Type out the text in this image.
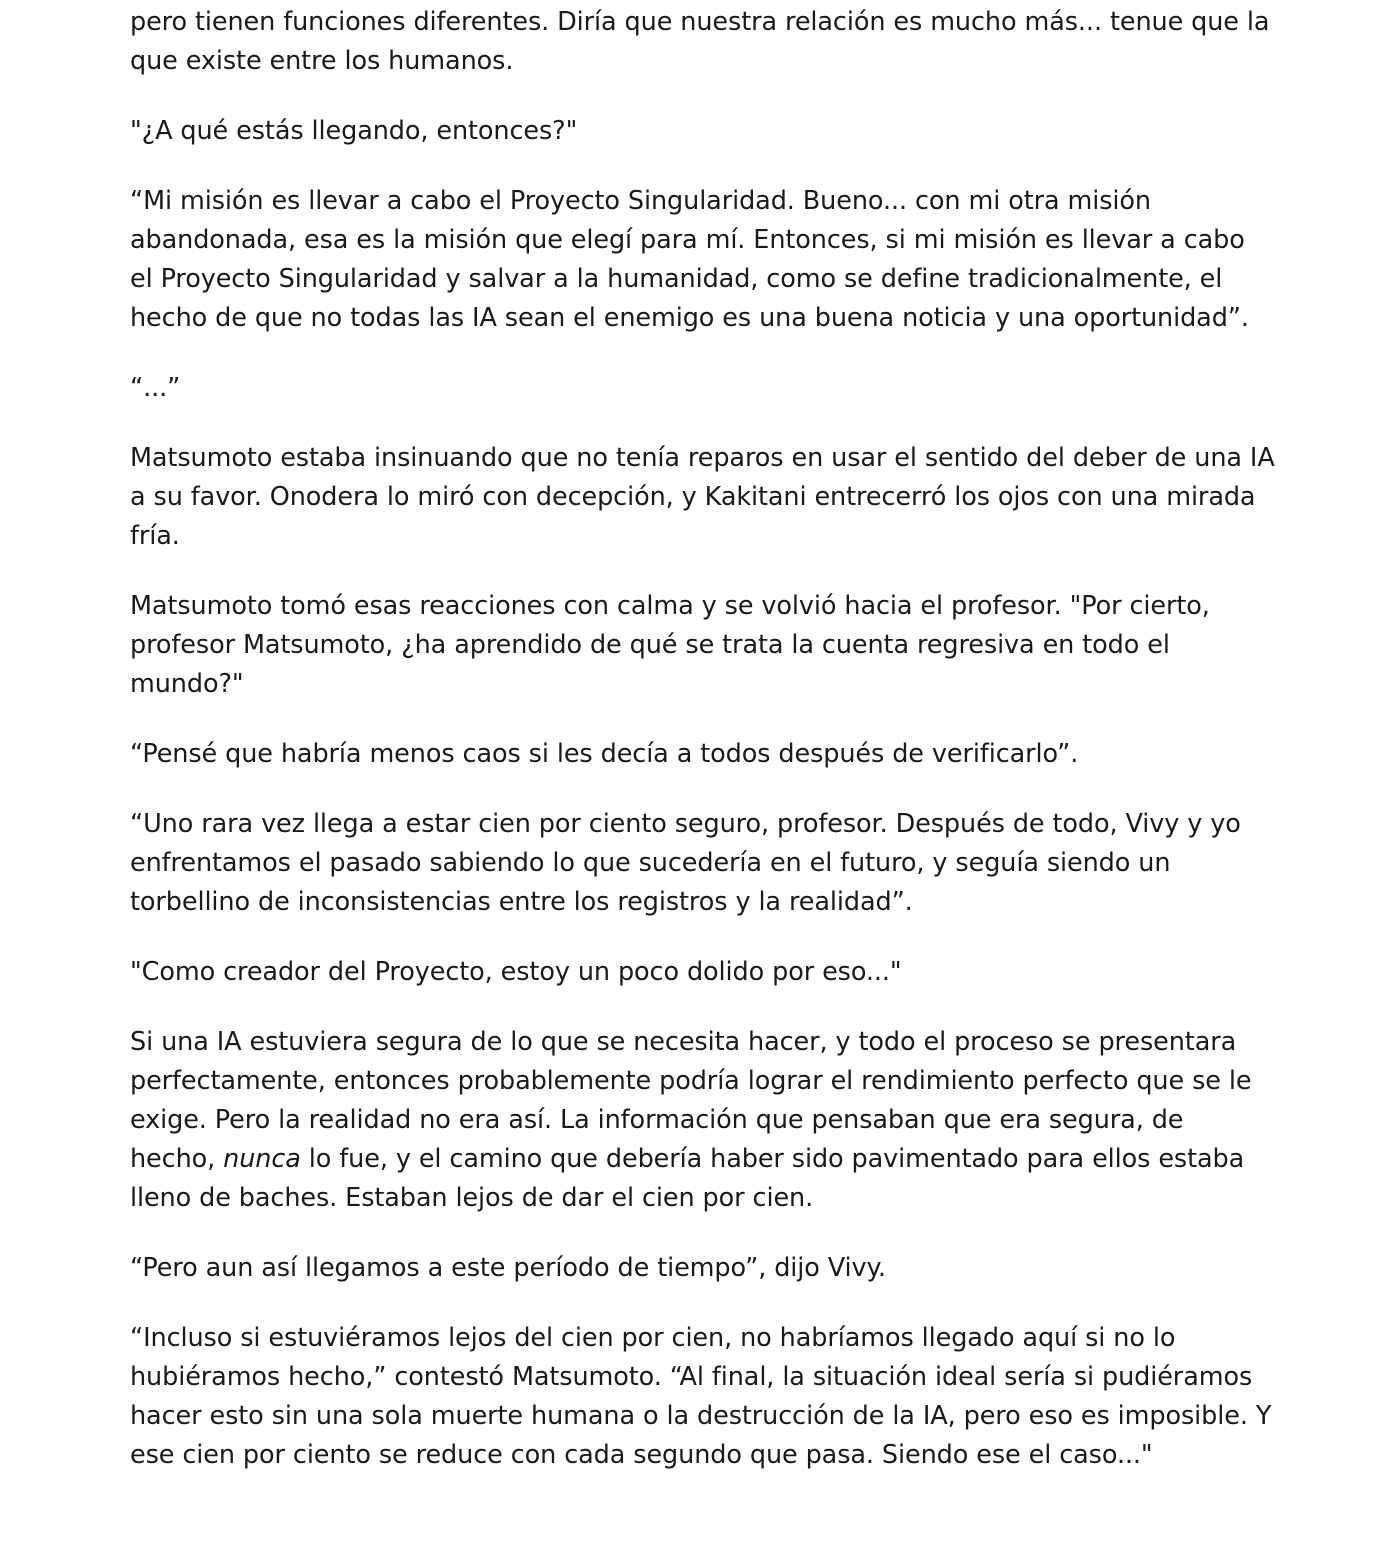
pero tienen funciones diferentes. Diría que nuestra relación es mucho más... tenue que la que existe entre los humanos.

"¿A qué estás llegando, entonces?"

“Mi misión es llevar a cabo el Proyecto Singularidad. Bueno... con mi otra misión abandonada, esa es la misión que elegí para mí. Entonces, si mi misión es llevar a cabo el Proyecto Singularidad y salvar a la humanidad, como se define tradicionalmente, el hecho de que no todas las IA sean el enemigo es una buena noticia y una oportunidad”.

“...”

Matsumoto estaba insinuando que no tenía reparos en usar el sentido del deber de una IA a su favor. Onodera lo miró con decepción, y Kakitani entrecerró los ojos con una mirada fría.

Matsumoto tomó esas reacciones con calma y se volvió hacia el profesor. "Por cierto, profesor Matsumoto, ¿ha aprendido de qué se trata la cuenta regresiva en todo el mundo?"

“Pensé que habría menos caos si les decía a todos después de verificarlo”.

“Uno rara vez llega a estar cien por ciento seguro, profesor. Después de todo, Vivy y yo enfrentamos el pasado sabiendo lo que sucedería en el futuro, y seguía siendo un torbellino de inconsistencias entre los registros y la realidad”.

"Como creador del Proyecto, estoy un poco dolido por eso..."

Si una IA estuviera segura de lo que se necesita hacer, y todo el proceso se presentara perfectamente, entonces probablemente podría lograr el rendimiento perfecto que se le exige. Pero la realidad no era así. La información que pensaban que era segura, de hecho, nunca lo fue, y el camino que debería haber sido pavimentado para ellos estaba lleno de baches. Estaban lejos de dar el cien por cien.

“Pero aun así llegamos a este período de tiempo”, dijo Vivy.

“Incluso si estuviéramos lejos del cien por cien, no habríamos llegado aquí si no lo hubiéramos hecho,” contestó Matsumoto. “Al final, la situación ideal sería si pudiéramos hacer esto sin una sola muerte humana o la destrucción de la IA, pero eso es imposible. Y ese cien por ciento se reduce con cada segundo que pasa. Siendo ese el caso..."
